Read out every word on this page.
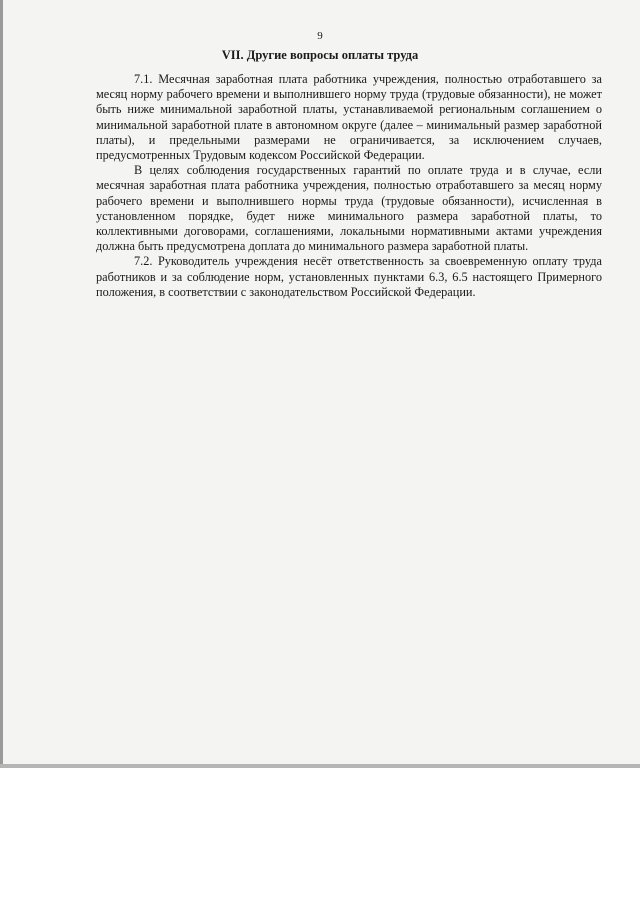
9
VII. Другие вопросы оплаты труда

7.1. Месячная заработная плата работника учреждения, полностью отработавшего за месяц норму рабочего времени и выполнившего норму труда (трудовые обязанности), не может быть ниже минимальной заработной платы, устанавливаемой региональным соглашением о минимальной заработной плате в автономном округе (далее – минимальный размер заработной платы), и предельными размерами не ограничивается, за исключением случаев, предусмотренных Трудовым кодексом Российской Федерации.

В целях соблюдения государственных гарантий по оплате труда и в случае, если месячная заработная плата работника учреждения, полностью отработавшего за месяц норму рабочего времени и выполнившего нормы труда (трудовые обязанности), исчисленная в установленном порядке, будет ниже минимального размера заработной платы, то коллективными договорами, соглашениями, локальными нормативными актами учреждения должна быть предусмотрена доплата до минимального размера заработной платы.

7.2. Руководитель учреждения несёт ответственность за своевременную оплату труда работников и за соблюдение норм, установленных пунктами 6.3, 6.5 настоящего Примерного положения, в соответствии с законодательством Российской Федерации.
